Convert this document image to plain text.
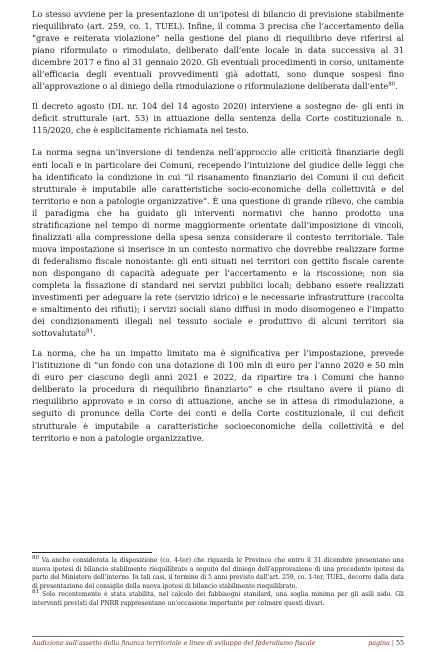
Lo stesso avviene per la presentazione di un’ipotesi di bilancio di previsione stabilmente riequilibrato (art. 259, co. 1, TUEL). Infine, il comma 3 precisa che l’accertamento della “grave e reiterata violazione” nella gestione del piano di riequilibrio deve riferirsi al piano riformulato o rimodulato, deliberato dall’ente locale in data successiva al 31 dicembre 2017 e fino al 31 gennaio 2020. Gli eventuali procedimenti in corso, unitamente all’efficacia degli eventuali provvedimenti già adottati, sono dunque sospesi fino all’approvazione o al diniego della rimodulazione o riformulazione deliberata dall’ente$^{80}$.

Il decreto agosto (DL nr. 104 del 14 agosto 2020) interviene a sostegno de- gli enti in deficit strutturale (art. 53) in attuazione della sentenza della Corte costituzionale n. 115/2020, che è esplicitamente richiamata nel testo.

La norma segna un’inversione di tendenza nell’approccio alle criticità finanziarie degli enti locali e in particolare dei Comuni, recependo l’intuizione del giudice delle leggi che ha identificato la condizione in cui “il risanamento finanziario dei Comuni il cui deficit strutturale è imputabile alle caratteristiche socio-economiche della collettività e del territorio e non a patologie organizzative”. È una questione di grande rilievo, che cambia il paradigma che ha guidato gli interventi normativi che hanno prodotto una stratificazione nel tempo di norme maggiormente orientate dall’imposizione di vincoli, finalizzati alla compressione della spesa senza considerare il contesto territoriale. Tale nuova impostazione si inserisce in un contesto normativo che dovrebbe realizzare forme di federalismo fiscale nonostante: gli enti situati nei territori con gettito fiscale carente non dispongano di capacità adeguate per l’accertamento e la riscossione; non sia completa la fissazione di standard nei servizi pubblici locali; debbano essere realizzati investimenti per adeguare la rete (servizio idrico) e le necessarie infrastrutture (raccolta e smaltimento dei rifiuti); i servizi sociali siano diffusi in modo disomogeneo e l’impatto dei condizionamenti illegali nel tessuto sociale e produttivo di alcuni territori sia sottovalutato$^{81}$.

La norma, che ha un impatto limitato ma è significativa per l’impostazione, prevede l’istituzione di “un fondo con una dotazione di 100 mln di euro per l’anno 2020 e 50 mln di euro per ciascuno degli anni 2021 e 2022, da ripartire tra i Comuni che hanno deliberato la procedura di riequilibrio finanziario” e che risultano avere il piano di riequilibrio approvato e in corso di attuazione, anche se in attesa di rimodulazione, a seguito di pronunce della Corte dei conti e della Corte costituzionale, il cui deficit strutturale è imputabile a caratteristiche socioeconomiche della collettività e del territorio e non a patologie organizzative.

$^{80}$ Va anche considerata la disposizione (co. 4-ter) che riguarda le Province che entro il 31 dicembre presentano una nuova ipotesi di bilancio stabilmente riequilibrato a seguito del diniego dell’approvazione di una precedente ipotesi da parte del Ministero dell’interno. In tali casi, il termine di 5 anni previsto dall’art. 259, co. 1-ter, TUEL, decorre dalla data di presentazione del consiglio della nuova ipotesi di bilancio stabilmente riequilibrato.

$^{81}$ Solo recentemente è stata stabilita, nel calcolo dei fabbisogni standard, una soglia minima per gli asili nido. Gli interventi previsti dal PNRR rappresentano un’occasione importante per colmare questi divari.

Audizione sull’assetto della finanza territoriale e linee di sviluppo del federalismo fiscale	pagina | 55
